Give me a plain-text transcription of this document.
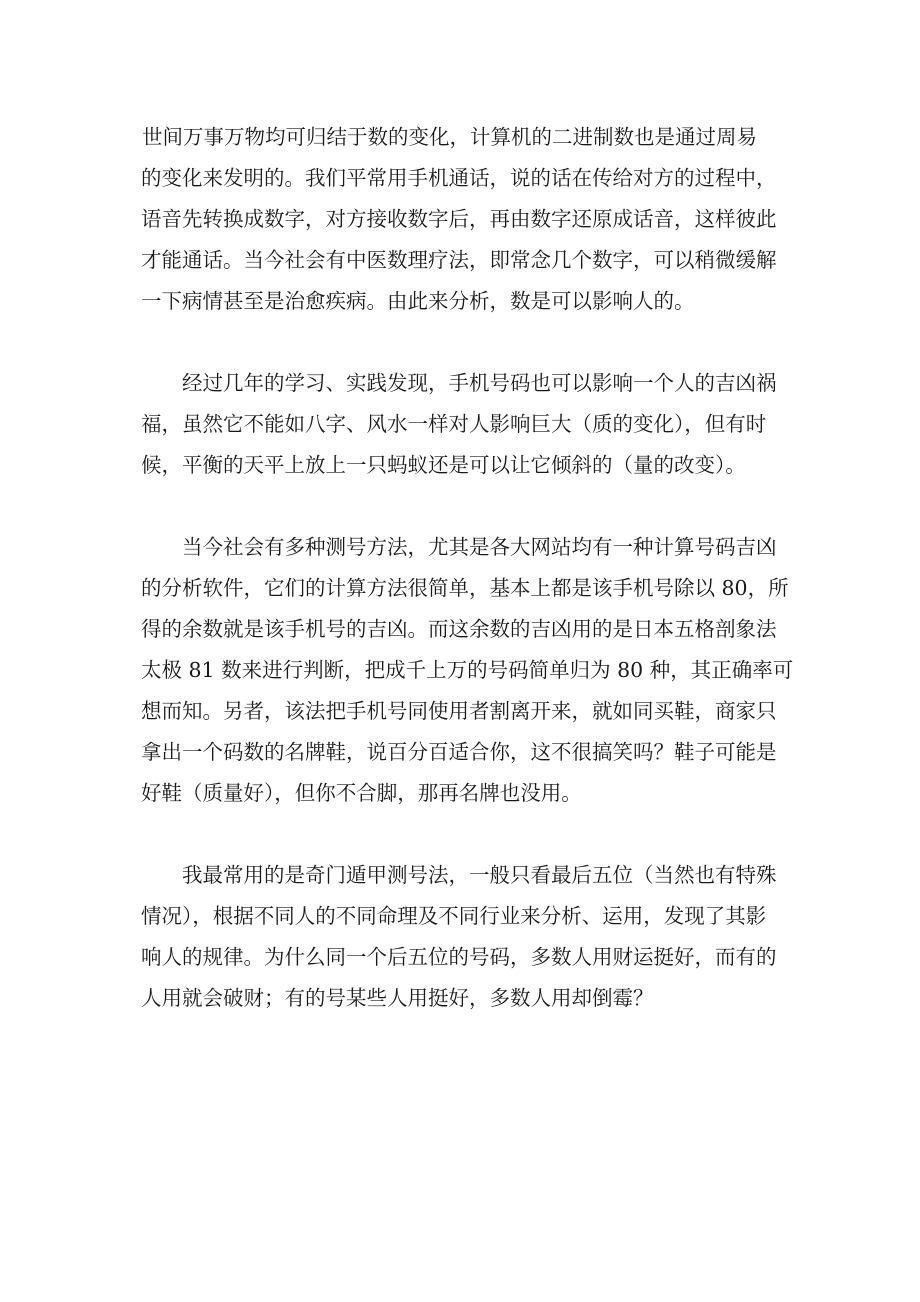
世间万事万物均可归结于数的变化，计算机的二进制数也是通过周易
的变化来发明的。我们平常用手机通话，说的话在传给对方的过程中，
语音先转换成数字，对方接收数字后，再由数字还原成话音，这样彼此
才能通话。当今社会有中医数理疗法，即常念几个数字，可以稍微缓解
一下病情甚至是治愈疾病。由此来分析，数是可以影响人的。

经过几年的学习、实践发现，手机号码也可以影响一个人的吉凶祸
福，虽然它不能如八字、风水一样对人影响巨大（质的变化），但有时
候，平衡的天平上放上一只蚂蚁还是可以让它倾斜的（量的改变）。

当今社会有多种测号方法，尤其是各大网站均有一种计算号码吉凶
的分析软件，它们的计算方法很简单，基本上都是该手机号除以 80，所
得的余数就是该手机号的吉凶。而这余数的吉凶用的是日本五格剖象法
太极 81 数来进行判断，把成千上万的号码简单归为 80 种，其正确率可
想而知。另者，该法把手机号同使用者割离开来，就如同买鞋，商家只
拿出一个码数的名牌鞋，说百分百适合你，这不很搞笑吗？鞋子可能是
好鞋（质量好），但你不合脚，那再名牌也没用。

我最常用的是奇门遁甲测号法，一般只看最后五位（当然也有特殊
情况），根据不同人的不同命理及不同行业来分析、运用，发现了其影
响人的规律。为什么同一个后五位的号码，多数人用财运挺好，而有的
人用就会破财；有的号某些人用挺好，多数人用却倒霉？
